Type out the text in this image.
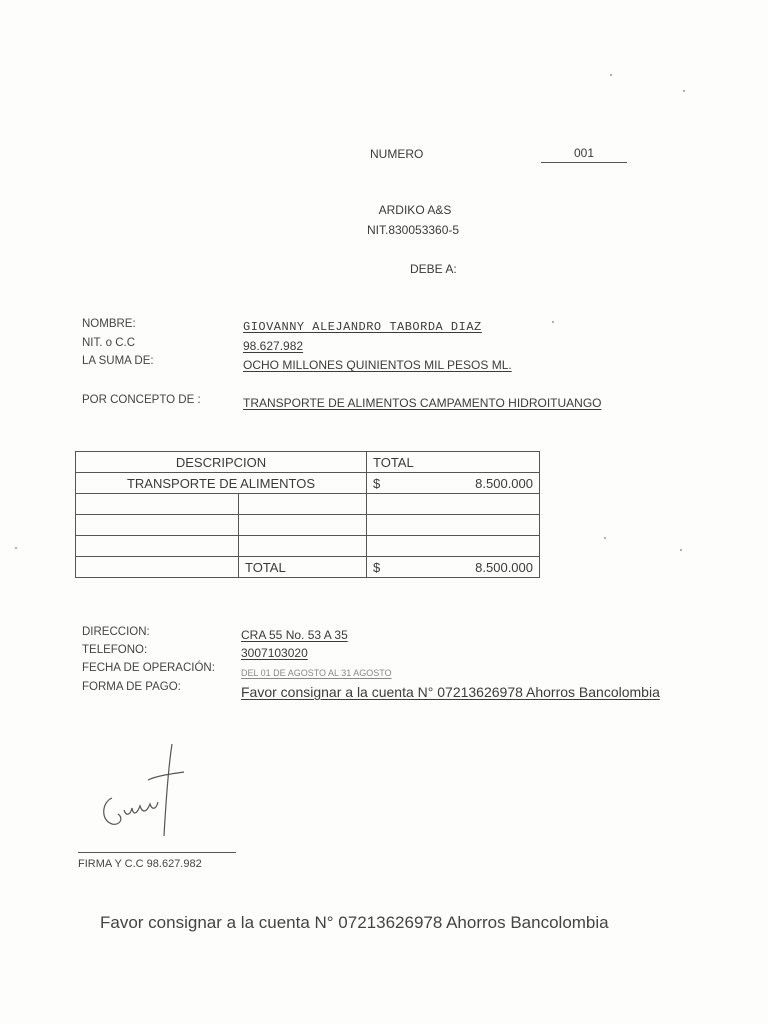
NUMERO	001
ARDIKO A&S
NIT.830053360-5
DEBE A:
NOMBRE:	GIOVANNY ALEJANDRO TABORDA DIAZ
NIT. o C.C	98.627.982
LA SUMA DE:	OCHO MILLONES QUINIENTOS MIL PESOS ML.
POR CONCEPTO DE :	TRANSPORTE DE ALIMENTOS CAMPAMENTO HIDROITUANGO
DESCRIPCION		TOTAL
TRANSPORTE DE ALIMENTOS		$ 8.500.000

	TOTAL	$ 8.500.000
DIRECCION:	CRA 55 No. 53 A 35
TELEFONO:	3007103020
FECHA DE OPERACIÓN:	DEL 01 DE AGOSTO AL 31 AGOSTO
FORMA DE PAGO:	Favor consignar a la cuenta N° 07213626978 Ahorros Bancolombia
FIRMA Y C.C 98.627.982
Favor consignar a la cuenta N° 07213626978 Ahorros Bancolombia
